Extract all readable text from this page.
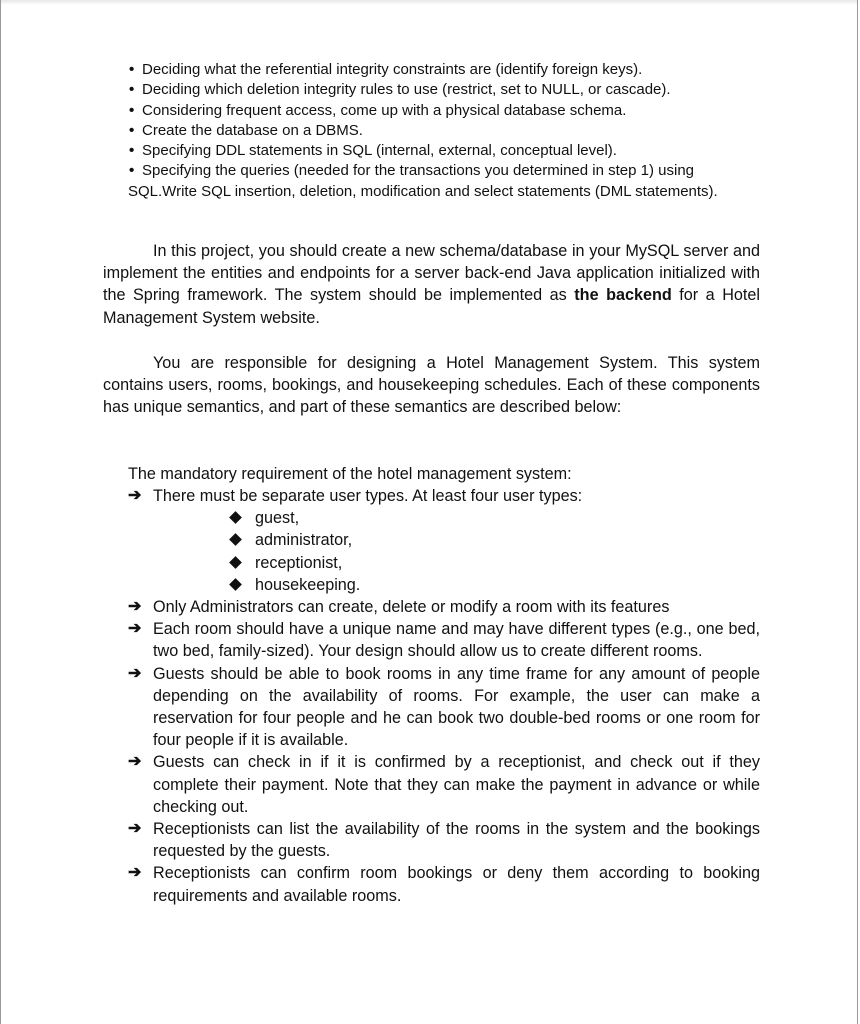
• Deciding what the referential integrity constraints are (identify foreign keys).
• Deciding which deletion integrity rules to use (restrict, set to NULL, or cascade).
• Considering frequent access, come up with a physical database schema.
• Create the database on a DBMS.
• Specifying DDL statements in SQL (internal, external, conceptual level).
• Specifying the queries (needed for the transactions you determined in step 1) using
SQL.Write SQL insertion, deletion, modification and select statements (DML statements).

In this project, you should create a new schema/database in your MySQL server and implement the entities and endpoints for a server back-end Java application initialized with the Spring framework. The system should be implemented as the backend for a Hotel Management System website.

You are responsible for designing a Hotel Management System. This system contains users, rooms, bookings, and housekeeping schedules. Each of these components has unique semantics, and part of these semantics are described below:

The mandatory requirement of the hotel management system:

➔ There must be separate user types. At least four user types:
guest,
administrator,
receptionist,
housekeeping.
➔ Only Administrators can create, delete or modify a room with its features
➔ Each room should have a unique name and may have different types (e.g., one bed, two bed, family-sized). Your design should allow us to create different rooms.
➔ Guests should be able to book rooms in any time frame for any amount of people depending on the availability of rooms. For example, the user can make a reservation for four people and he can book two double-bed rooms or one room for four people if it is available.
➔ Guests can check in if it is confirmed by a receptionist, and check out if they complete their payment. Note that they can make the payment in advance or while checking out.
➔ Receptionists can list the availability of the rooms in the system and the bookings requested by the guests.
➔ Receptionists can confirm room bookings or deny them according to booking requirements and available rooms.
